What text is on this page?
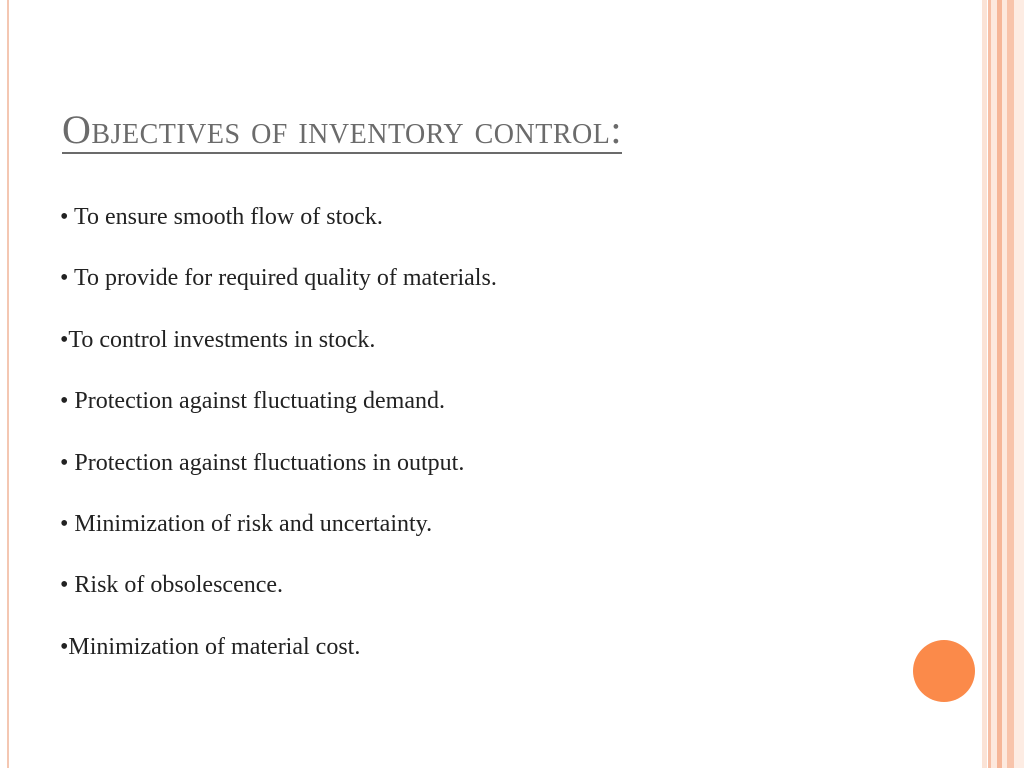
Objectives of inventory control:
• To ensure smooth flow of stock.
• To provide for required quality of materials.
•To control investments in stock.
• Protection against fluctuating demand.
• Protection against fluctuations in output.
• Minimization of risk and uncertainty.
• Risk of obsolescence.
•Minimization of material cost.
